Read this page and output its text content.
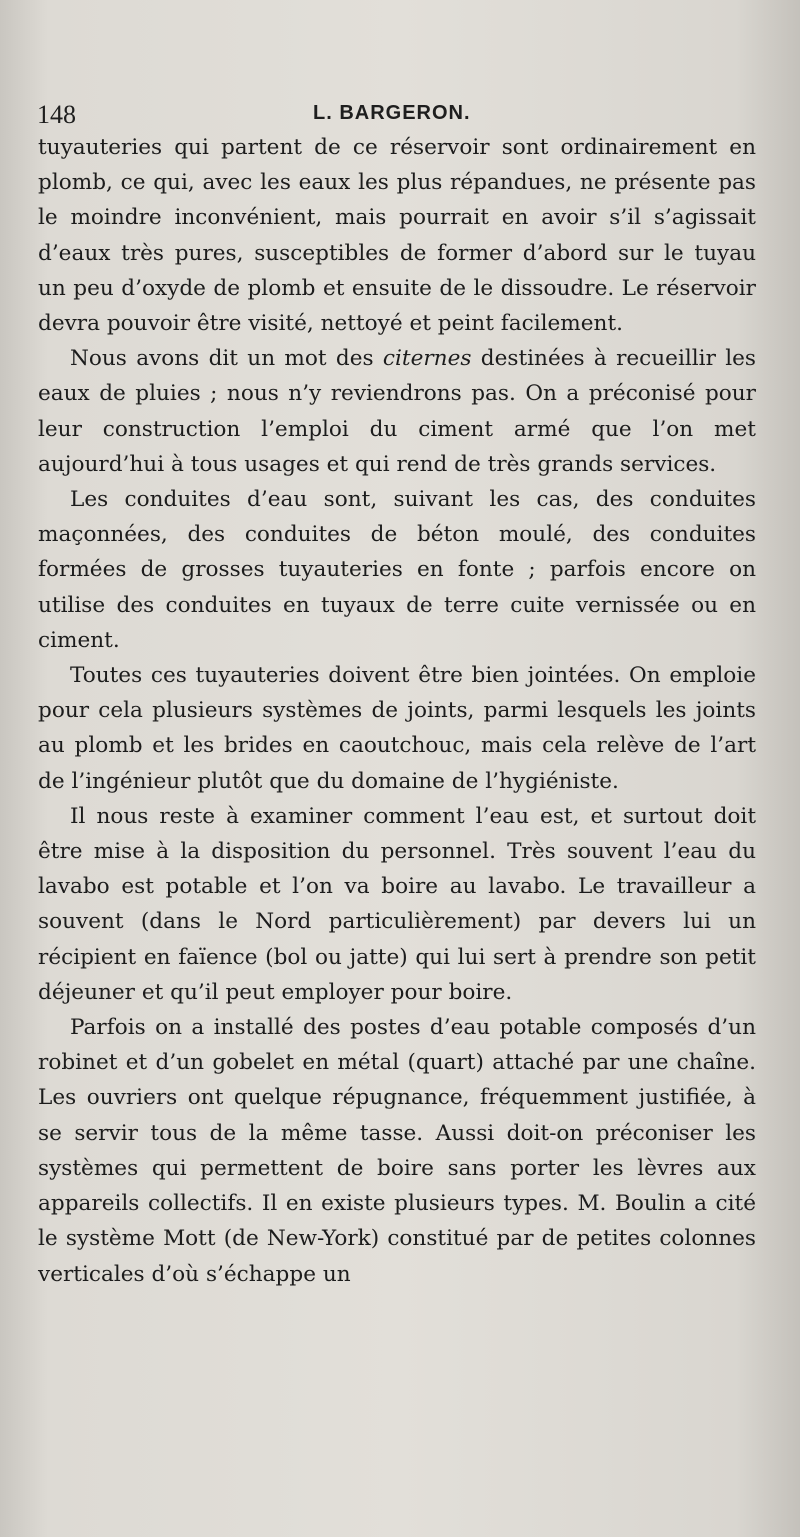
148	L. BARGERON.

tuyauteries qui partent de ce réservoir sont ordinairement en plomb, ce qui, avec les eaux les plus répandues, ne présente pas le moindre inconvénient, mais pourrait en avoir s’il s’agissait d’eaux très pures, susceptibles de former d’abord sur le tuyau un peu d’oxyde de plomb et ensuite de le dissoudre. Le réservoir devra pouvoir être visité, nettoyé et peint facilement.

Nous avons dit un mot des citernes destinées à recueillir les eaux de pluies ; nous n’y reviendrons pas. On a préconisé pour leur construction l’emploi du ciment armé que l’on met aujourd’hui à tous usages et qui rend de très grands services.

Les conduites d’eau sont, suivant les cas, des conduites maçonnées, des conduites de béton moulé, des conduites formées de grosses tuyauteries en fonte ; parfois encore on utilise des conduites en tuyaux de terre cuite vernissée ou en ciment.

Toutes ces tuyauteries doivent être bien jointées. On emploie pour cela plusieurs systèmes de joints, parmi lesquels les joints au plomb et les brides en caoutchouc, mais cela relève de l’art de l’ingénieur plutôt que du domaine de l’hygiéniste.

Il nous reste à examiner comment l’eau est, et surtout doit être mise à la disposition du personnel. Très souvent l’eau du lavabo est potable et l’on va boire au lavabo. Le travailleur a souvent (dans le Nord particulièrement) par devers lui un récipient en faïence (bol ou jatte) qui lui sert à prendre son petit déjeuner et qu’il peut employer pour boire.

Parfois on a installé des postes d’eau potable composés d’un robinet et d’un gobelet en métal (quart) attaché par une chaîne. Les ouvriers ont quelque répugnance, fréquemment justifiée, à se servir tous de la même tasse. Aussi doit-on préconiser les systèmes qui permettent de boire sans porter les lèvres aux appareils collectifs. Il en existe plusieurs types. M. Boulin a cité le système Mott (de New-York) constitué par de petites colonnes verticales d’où s’échappe un
